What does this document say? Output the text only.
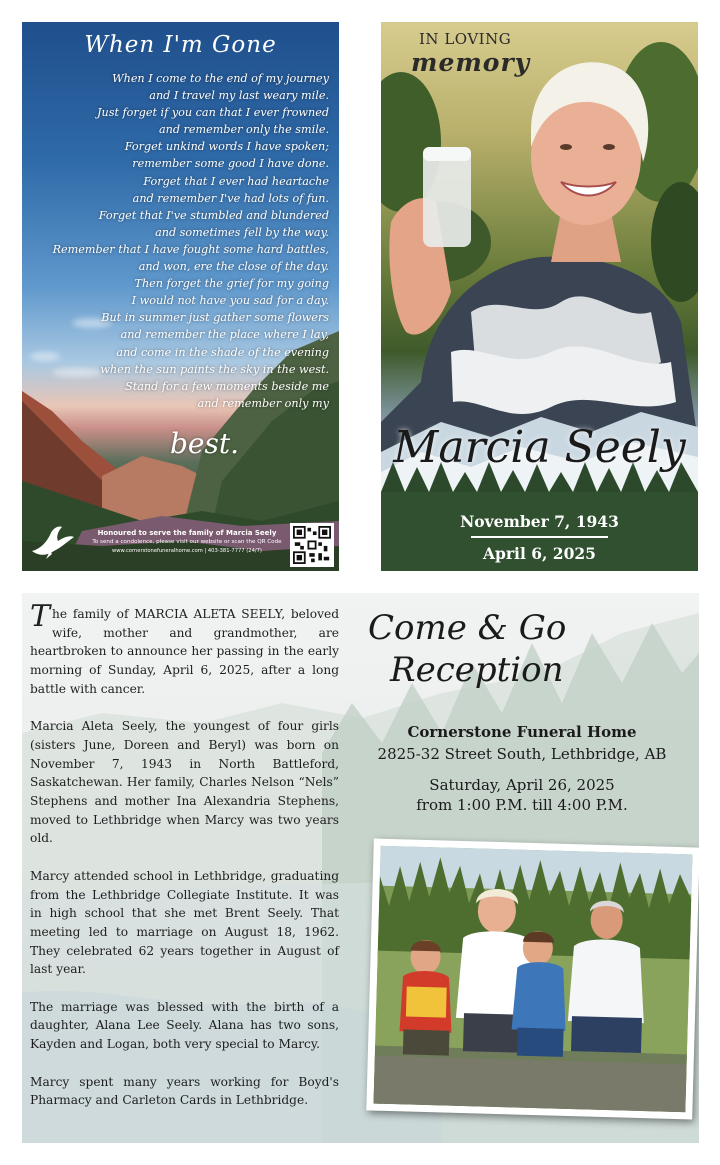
When I'm Gone
When I come to the end of my journey
and I travel my last weary mile.
Just forget if you can that I ever frowned
and remember only the smile.
Forget unkind words I have spoken;
remember some good I have done.
Forget that I ever had heartache
and remember I've had lots of fun.
Forget that I've stumbled and blundered
and sometimes fell by the way.
Remember that I have fought some hard battles,
and won, ere the close of the day.
Then forget the grief for my going
I would not have you sad for a day.
But in summer just gather some flowers
and remember the place where I lay,
and come in the shade of the evening
when the sun paints the sky in the west.
Stand for a few moments beside me
and remember only my
best.
Honoured to serve the family of Marcia Seely
To send a condolence, please visit our website or scan the QR Code
www.cornerstonefuneralhome.com | 403-381-7777 (24/7)
IN LOVING
memory
Marcia Seely
November 7, 1943
April 6, 2025

The family of MARCIA ALETA SEELY, beloved wife, mother and grandmother, are heartbroken to announce her passing in the early morning of Sunday, April 6, 2025, after a long battle with cancer.

Marcia Aleta Seely, the youngest of four girls (sisters June, Doreen and Beryl) was born on November 7, 1943 in North Battleford, Saskatchewan. Her family, Charles Nelson “Nels” Stephens and mother Ina Alexandria Stephens, moved to Lethbridge when Marcy was two years old.

Marcy attended school in Lethbridge, graduating from the Lethbridge Collegiate Institute. It was in high school that she met Brent Seely. That meeting led to marriage on August 18, 1962. They celebrated 62 years together in August of last year.

The marriage was blessed with the birth of a daughter, Alana Lee Seely. Alana has two sons, Kayden and Logan, both very special to Marcy.

Marcy spent many years working for Boyd's Pharmacy and Carleton Cards in Lethbridge.

Come & Go
Reception
Cornerstone Funeral Home
2825-32 Street South, Lethbridge, AB
Saturday, April 26, 2025
from 1:00 P.M. till 4:00 P.M.
